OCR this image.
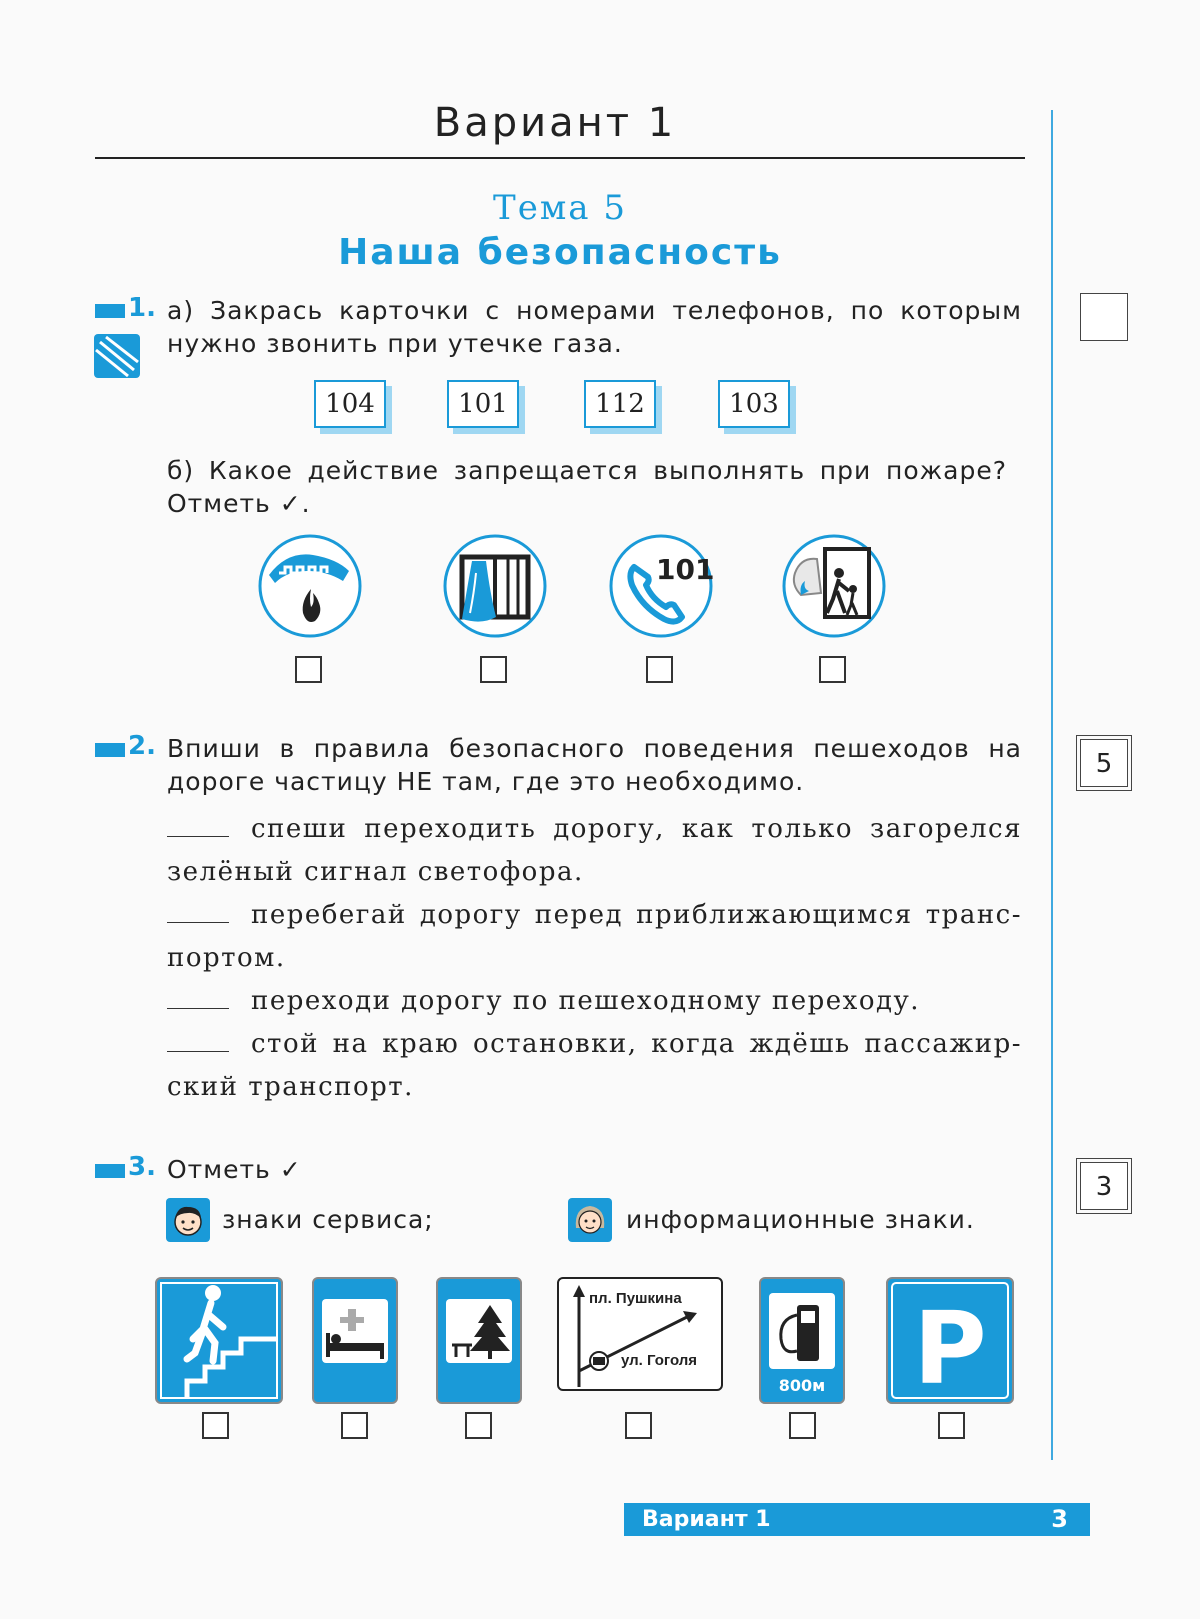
Вариант 1
Тема 5
Наша безопасность
1. а) Закрась карточки с номерами телефонов, по которым нужно звонить при утечке газа.
104	101	112	103
б) Какое действие запрещается выполнять при пожаре? Отметь ✓.
101
2. Впиши в правила безопасного поведения пешеходов на дороге частицу НЕ там, где это необходимо.
5
спеши переходить дорогу, как только загорелся зелёный сигнал светофора.
перебегай дорогу перед приближающимся транс-портом.
переходи дорогу по пешеходному переходу.
стой на краю остановки, когда ждёшь пассажир-ский транспорт.
3. Отметь ✓
3
знаки сервиса;	информационные знаки.
пл. Пушкина
ул. Гоголя
800м P
Вариант 1	3
